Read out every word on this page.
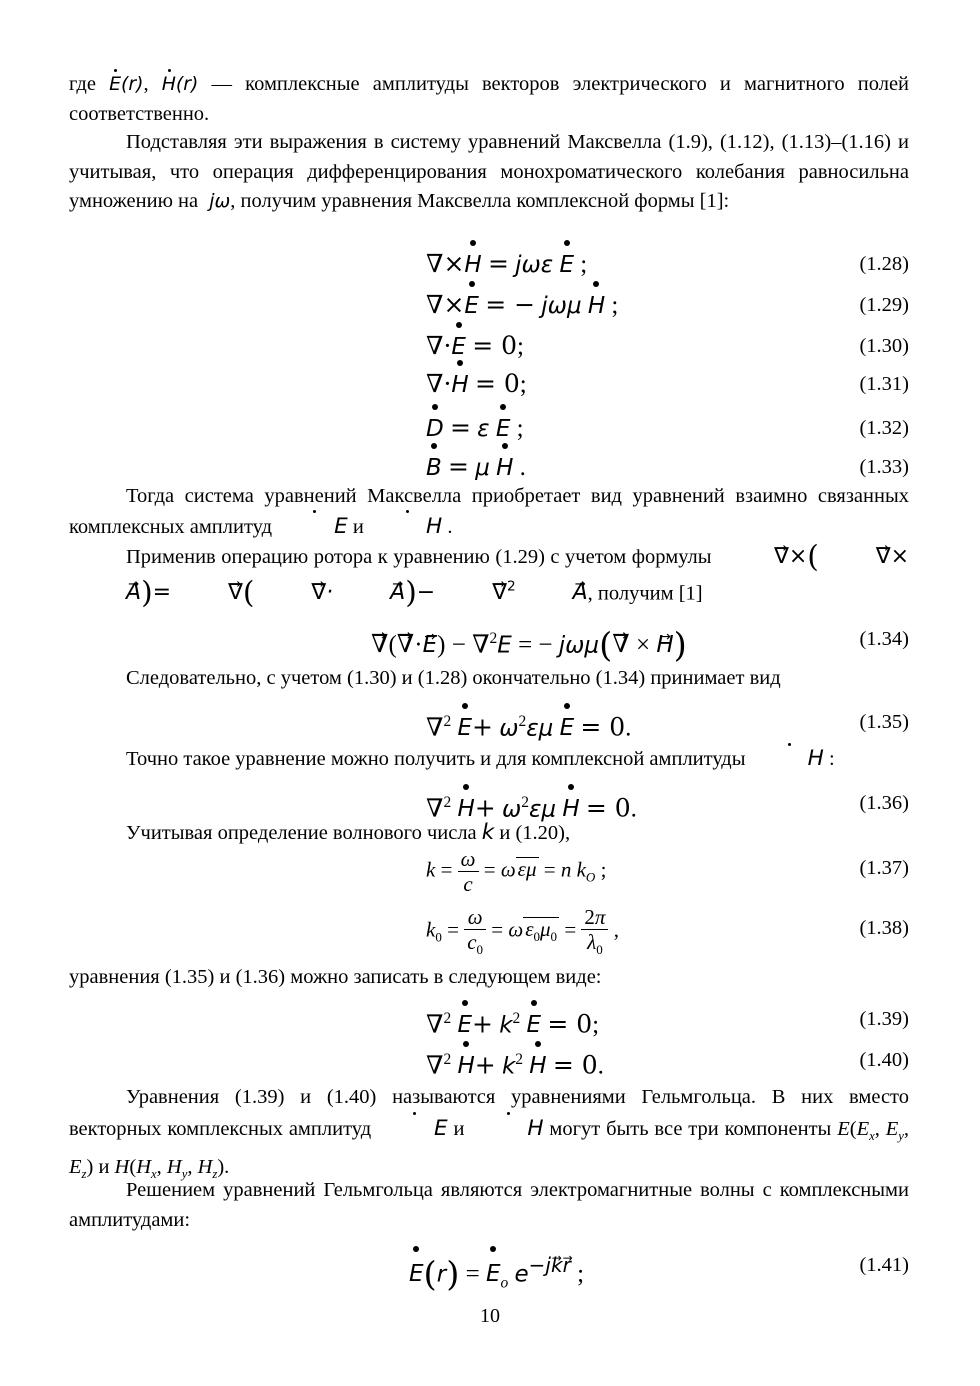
где E(r), H(r) — комплексные амплитуды векторов электрического и магнитного полей соответственно.

Подставляя эти выражения в систему уравнений Максвелла (1.9), (1.12), (1.13)–(1.16) и учитывая, что операция дифференцирования монохроматического колебания равносильна умножению на  jω, получим уравнения Максвелла комплексной формы [1]:

∇×H = jωε E ;	(1.28)
∇×E = − jωμ H ;	(1.29)
∇·E = 0;	(1.30)
∇·H = 0;	(1.31)
D = ε E ;	(1.32)
B = μ H .	(1.33)

Тогда система уравнений Максвелла приобретает вид уравнений взаимно связанных комплексных амплитуд	E и	H .

Применив операцию ротора к уравнению (1.29) с учетом формулы	→ ∇×(	→ ∇×→ A)=	→ ∇(	→ ∇·	→ A)−	→ ∇$^2$	→ A, получим [1]

→ ∇(→ ∇·→ E) − ∇$^2$E = − jωμ(→ ∇ × → H)	(1.34)

Следовательно, с учетом (1.30) и (1.28) окончательно (1.34) принимает вид

∇$^2$ $E+ \omega^2\varepsilon\mu$ E = 0.	(1.35)

Точно такое уравнение можно получить и для комплексной амплитуды	H :

∇$^2$ $H+ \omega^2\varepsilon\mu$ H = 0.	(1.36)

Учитывая определение волнового числа k и (1.20),

$k = \frac{\omega}{c} = \omega\varepsilon\mu = n$ $k_O$ ;	(1.37)
$k_0 = \frac{\omega}{c_0} = \omega\varepsilon_0\mu_0 = \frac{2\pi}{\lambda_0}$ ,	(1.38)

уравнения (1.35) и (1.36) можно записать в следующем виде:

∇$^2$ $E+ k^2$ E = 0;	(1.39)
∇$^2$ $H+ k^2$ H = 0.	(1.40)

Уравнения (1.39) и (1.40) называются уравнениями Гельмгольца. В них вместо векторных комплексных амплитуд	E и	H могут быть все три компоненты $E(E_x$, $E_y$, $E_z$) и $H(H_x$, $H_y$, $H_z$).

Решением уравнений Гельмгольца являются электромагнитные волны с комплексными амплитудами:

$E(r) = E_o$ $e^{-j\to k\to r}$ ;	(1.41)
10
